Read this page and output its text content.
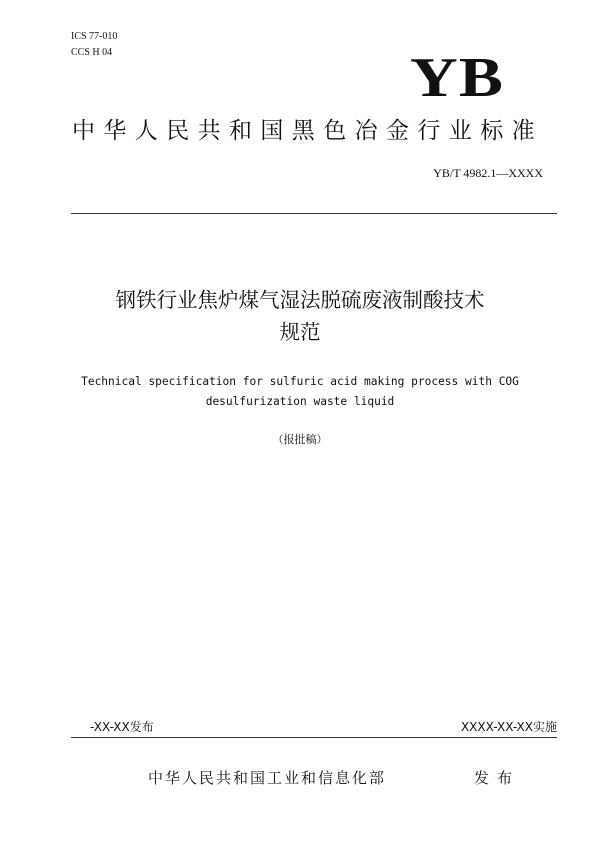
ICS 77-010
CCS H 04	YB
中华人民共和国黑色冶金行业标准
YB/T 4982.1—XXXX
钢铁行业焦炉煤气湿法脱硫废液制酸技术
规范
Technical specification for sulfuric acid making process with COG
desulfurization waste liquid
（报批稿）
-XX-XX发布	XXXX-XX-XX实施
中华人民共和国工业和信息化部	发布
